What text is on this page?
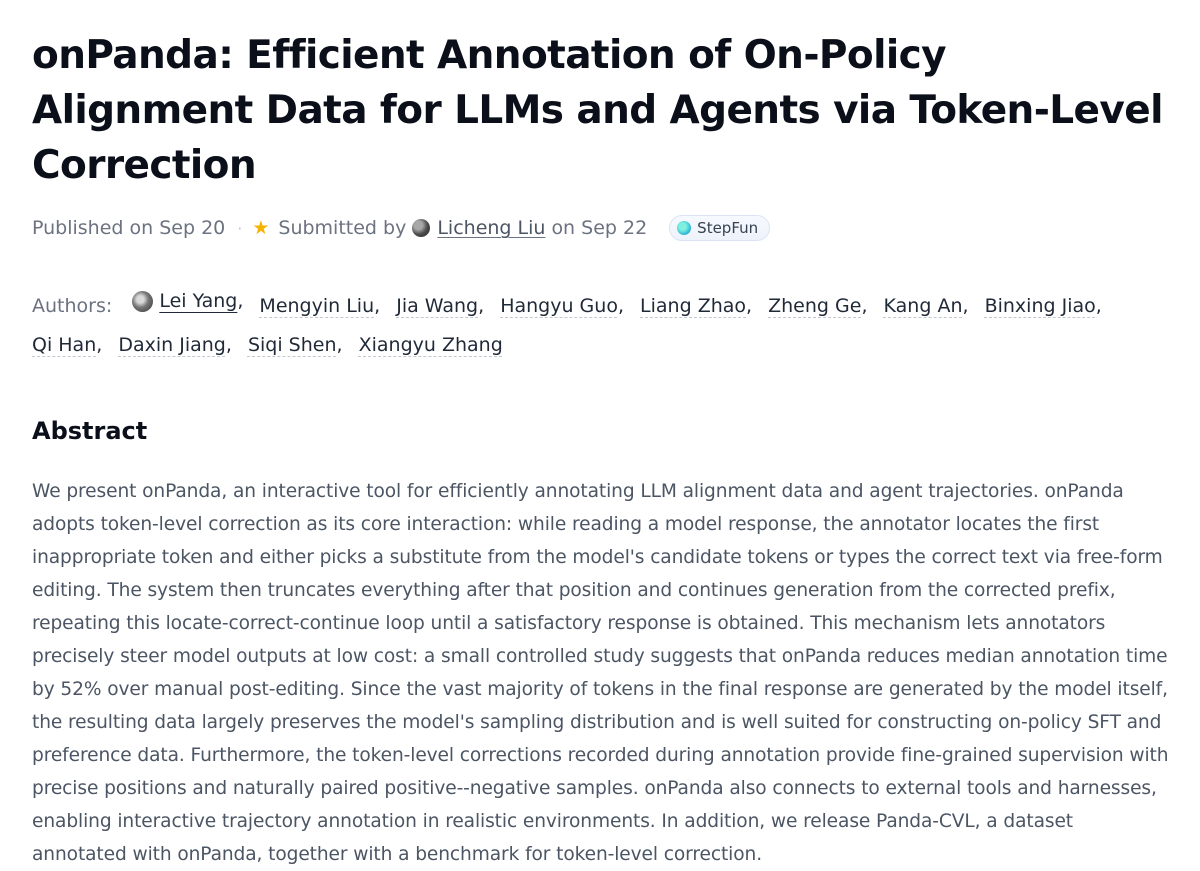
onPanda: Efficient Annotation of On-Policy Alignment Data for LLMs and Agents via Token-Level Correction
Published on Sep 20 · ★ Submitted by Licheng Liu on Sep 22	StepFun
Authors: Lei Yang ,
Mengyin Liu ,
Jia Wang ,
Hangyu Guo ,
Liang Zhao ,
Zheng Ge ,
Kang An ,
Binxing Jiao ,

Qi Han ,
Daxin Jiang ,
Siqi Shen ,
Xiangyu Zhang
Abstract

We present onPanda, an interactive tool for efficiently annotating LLM alignment data and agent trajectories. onPanda adopts token-level correction as its core interaction: while reading a model response, the annotator locates the first inappropriate token and either picks a substitute from the model's candidate tokens or types the correct text via free-form editing. The system then truncates everything after that position and continues generation from the corrected prefix, repeating this locate-correct-continue loop until a satisfactory response is obtained. This mechanism lets annotators precisely steer model outputs at low cost: a small controlled study suggests that onPanda reduces median annotation time by 52% over manual post-editing. Since the vast majority of tokens in the final response are generated by the model itself, the resulting data largely preserves the model's sampling distribution and is well suited for constructing on-policy SFT and preference data. Furthermore, the token-level corrections recorded during annotation provide fine-grained supervision with precise positions and naturally paired positive--negative samples. onPanda also connects to external tools and harnesses, enabling interactive trajectory annotation in realistic environments. In addition, we release Panda-CVL, a dataset annotated with onPanda, together with a benchmark for token-level correction.
